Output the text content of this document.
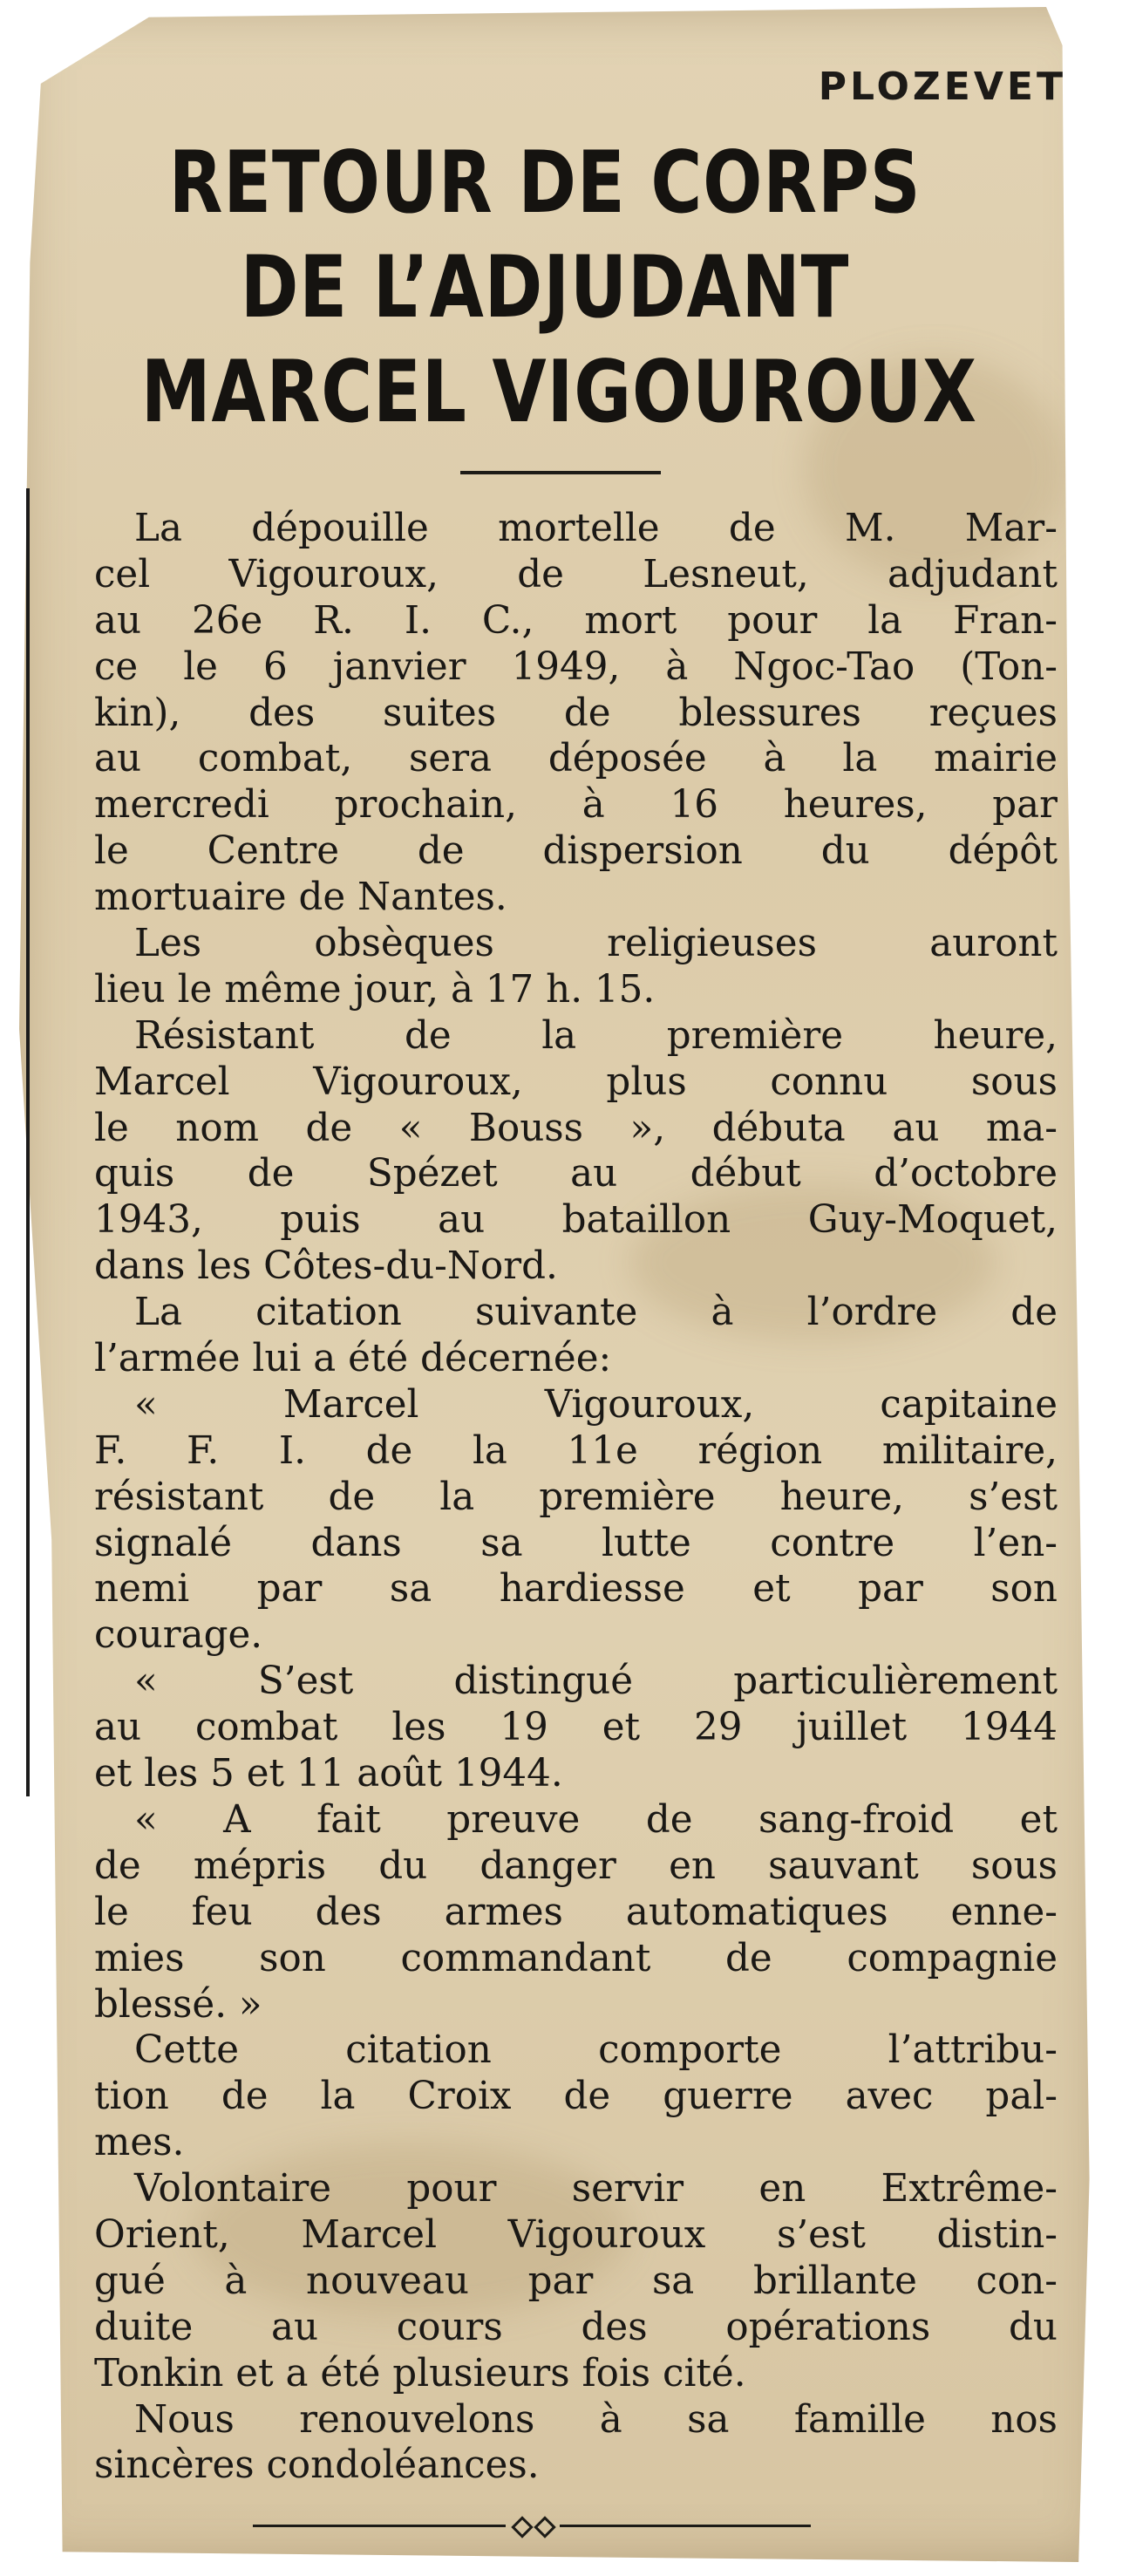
PLOZEVET
RETOUR DE CORPS
DE L’ADJUDANT
MARCEL VIGOUROUX
La dépouille mortelle de M. Mar-
cel Vigouroux, de Lesneut, adjudant
au 26e R. I. C., mort pour la Fran-
ce le 6 janvier 1949, à Ngoc-Tao (Ton-
kin), des suites de blessures reçues
au combat, sera déposée à la mairie
mercredi prochain, à 16 heures, par
le Centre de dispersion du dépôt
mortuaire de Nantes.
Les obsèques religieuses auront
lieu le même jour, à 17 h. 15.
Résistant de la première heure,
Marcel Vigouroux, plus connu sous
le nom de « Bouss », débuta au ma-
quis de Spézet au début d’octobre
1943, puis au bataillon Guy-Moquet,
dans les Côtes-du-Nord.
La citation suivante à l’ordre de
l’armée lui a été décernée:
« Marcel Vigouroux, capitaine
F. F. I. de la 11e région militaire,
résistant de la première heure, s’est
signalé dans sa lutte contre l’en-
nemi par sa hardiesse et par son
courage.
« S’est distingué particulièrement
au combat les 19 et 29 juillet 1944
et les 5 et 11 août 1944.
« A fait preuve de sang-froid et
de mépris du danger en sauvant sous
le feu des armes automatiques enne-
mies son commandant de compagnie
blessé. »
Cette citation comporte l’attribu-
tion de la Croix de guerre avec pal-
mes.
Volontaire pour servir en Extrême-
Orient, Marcel Vigouroux s’est distin-
gué à nouveau par sa brillante con-
duite au cours des opérations du
Tonkin et a été plusieurs fois cité.
Nous renouvelons à sa famille nos
sincères condoléances.
